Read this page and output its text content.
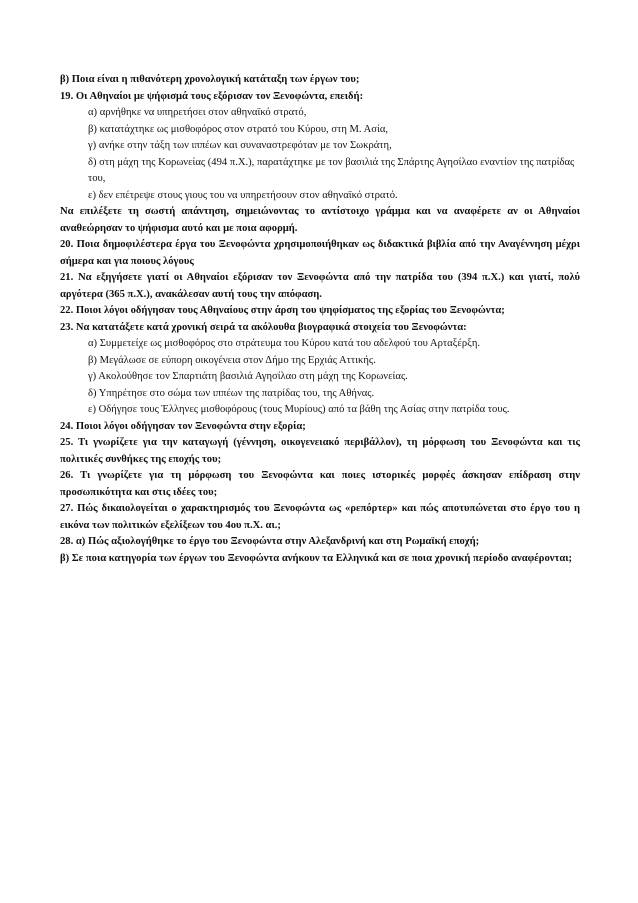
β) Ποια είναι η πιθανότερη χρονολογική κατάταξη των έργων του;
19. Οι Αθηναίοι με ψήφισμά τους εξόρισαν τον Ξενοφώντα, επειδή:
α) αρνήθηκε να υπηρετήσει στον αθηναϊκό στρατό,
β) κατατάχτηκε ως μισθοφόρος στον στρατό του Κύρου, στη Μ. Ασία,
γ) ανήκε στην τάξη των ιππέων και συναναστρεφόταν με τον Σωκράτη,
δ) στη μάχη της Κορωνείας (494 π.Χ.), παρατάχτηκε με τον βασιλιά της Σπάρτης Αγησίλαο εναντίον της πατρίδας του,
ε) δεν επέτρεψε στους γιους του να υπηρετήσουν στον αθηναϊκό στρατό.
Να επιλέξετε τη σωστή απάντηση, σημειώνοντας το αντίστοιχο γράμμα και να αναφέρετε αν οι Αθηναίοι αναθεώρησαν το ψήφισμα αυτό και με ποια αφορμή.
20. Ποια δημοφιλέστερα έργα του Ξενοφώντα χρησιμοποιήθηκαν ως διδακτικά βιβλία από την Αναγέννηση μέχρι σήμερα και για ποιους λόγους
21. Να εξηγήσετε γιατί οι Αθηναίοι εξόρισαν τον Ξενοφώντα από την πατρίδα του (394 π.Χ.) και γιατί, πολύ αργότερα (365 π.Χ.), ανακάλεσαν αυτή τους την απόφαση.
22. Ποιοι λόγοι οδήγησαν τους Αθηναίους στην άρση του ψηφίσματος της εξορίας του Ξενοφώντα;
23. Να κατατάξετε κατά χρονική σειρά τα ακόλουθα βιογραφικά στοιχεία του Ξενοφώντα:
α) Συμμετείχε ως μισθοφόρος στο στράτευμα του Κύρου κατά του αδελφού του Αρταξέρξη.
β) Μεγάλωσε σε εύπορη οικογένεια στον Δήμο της Ερχιάς Αττικής.
γ) Ακολούθησε τον Σπαρτιάτη βασιλιά Αγησίλαο στη μάχη της Κορωνείας.
δ) Υπηρέτησε στο σώμα των ιππέων της πατρίδας του, της Αθήνας.
ε) Οδήγησε τους Έλληνες μισθοφόρους (τους Μυρίους) από τα βάθη της Ασίας στην πατρίδα τους.
24. Ποιοι λόγοι οδήγησαν τον Ξενοφώντα στην εξορία;
25. Τι γνωρίζετε για την καταγωγή (γέννηση, οικογενειακό περιβάλλον), τη μόρφωση του Ξενοφώντα και τις πολιτικές συνθήκες της εποχής του;
26. Τι γνωρίζετε για τη μόρφωση του Ξενοφώντα και ποιες ιστορικές μορφές άσκησαν επίδραση στην προσωπικότητα και στις ιδέες του;
27. Πώς δικαιολογείται ο χαρακτηρισμός του Ξενοφώντα ως «ρεπόρτερ» και πώς αποτυπώνεται στο έργο του η εικόνα των πολιτικών εξελίξεων του 4ου π.Χ. αι.;
28. α) Πώς αξιολογήθηκε το έργο του Ξενοφώντα στην Αλεξανδρινή και στη Ρωμαϊκή εποχή;
β) Σε ποια κατηγορία των έργων του Ξενοφώντα ανήκουν τα Ελληνικά και σε ποια χρονική περίοδο αναφέρονται;
